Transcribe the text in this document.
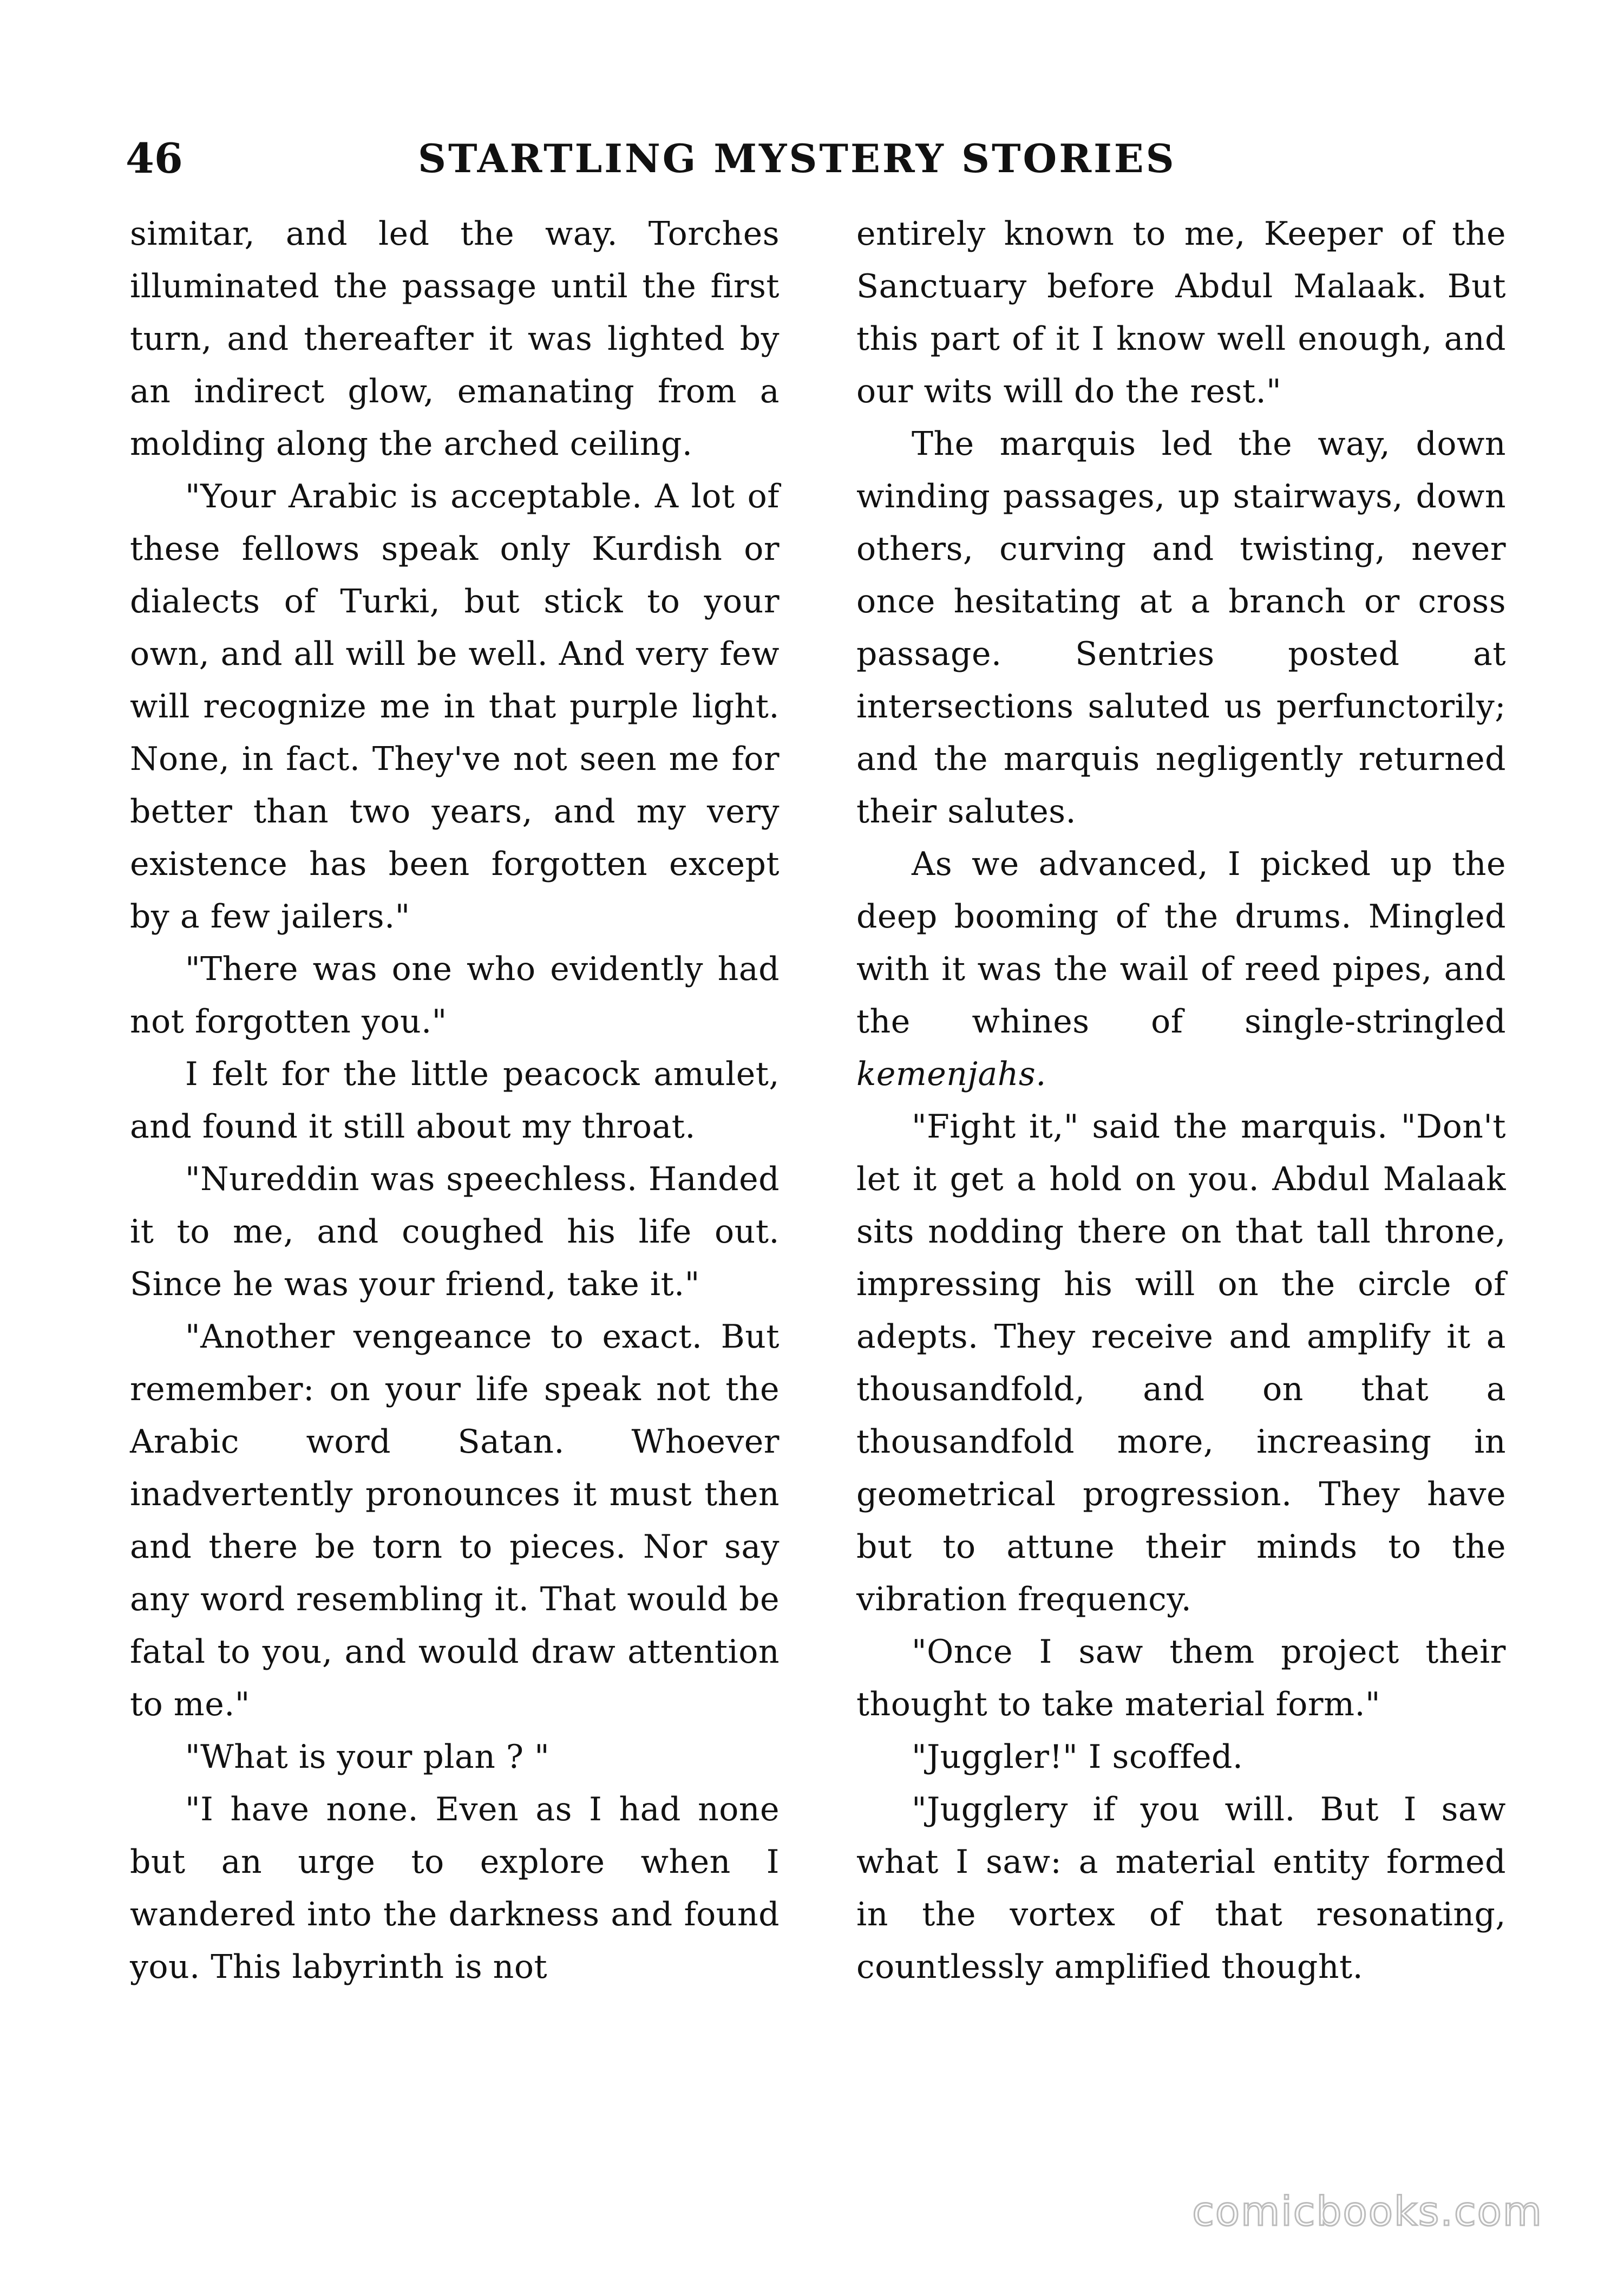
46	STARTLING MYSTERY STORIES

simitar, and led the way. Torches illuminated the passage until the first turn, and thereafter it was lighted by an indirect glow, emanating from a molding along the arched ceiling.

"Your Arabic is acceptable. A lot of these fellows speak only Kurdish or dialects of Turki, but stick to your own, and all will be well. And very few will recognize me in that purple light. None, in fact. They've not seen me for better than two years, and my very existence has been forgotten except by a few jailers."

"There was one who evidently had not forgotten you."

I felt for the little peacock amulet, and found it still about my throat.

"Nureddin was speechless. Handed it to me, and coughed his life out. Since he was your friend, take it."

"Another vengeance to exact. But remember: on your life speak not the Arabic word Satan. Whoever inadvertently pronounces it must then and there be torn to pieces. Nor say any word resembling it. That would be fatal to you, and would draw attention to me."

"What is your plan ? "

"I have none. Even as I had none but an urge to explore when I wandered into the darkness and found you. This labyrinth is not

entirely known to me, Keeper of the Sanctuary before Abdul Malaak. But this part of it I know well enough, and our wits will do the rest."

The marquis led the way, down winding passages, up stairways, down others, curving and twisting, never once hesitating at a branch or cross passage. Sentries posted at intersections saluted us perfunctorily; and the marquis negligently returned their salutes.

As we advanced, I picked up the deep booming of the drums. Mingled with it was the wail of reed pipes, and the whines of single-stringled kemenjahs.

"Fight it," said the marquis. "Don't let it get a hold on you. Abdul Malaak sits nodding there on that tall throne, impressing his will on the circle of adepts. They receive and amplify it a thousandfold, and on that a thousandfold more, increasing in geometrical progression. They have but to attune their minds to the vibration frequency.

"Once I saw them project their thought to take material form."

"Juggler!" I scoffed.

"Jugglery if you will. But I saw what I saw: a material entity formed in the vortex of that resonating, countlessly amplified thought.

comicbooks.com
